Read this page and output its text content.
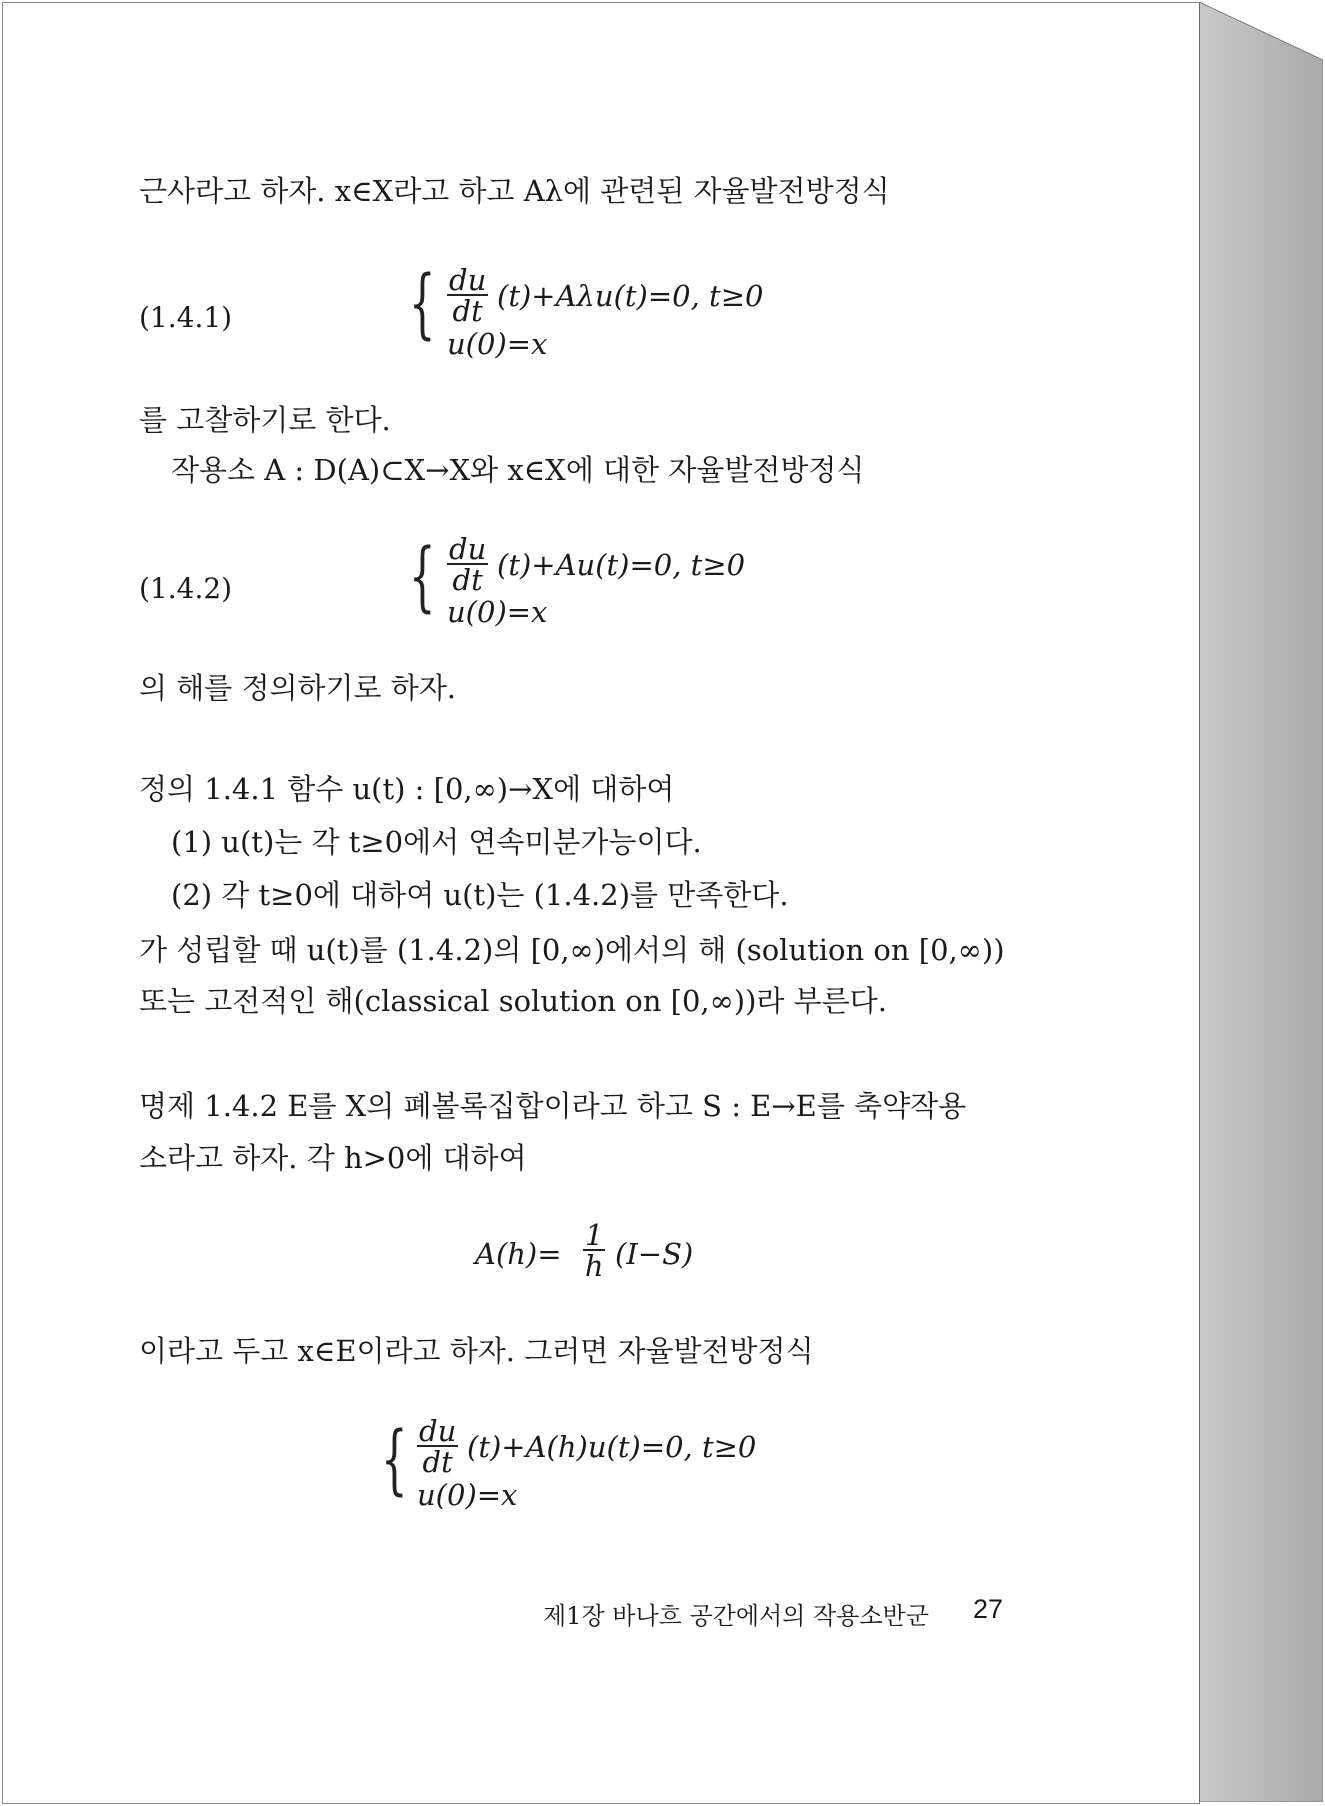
근사라고 하자. x∈X라고 하고 Aλ에 관련된 자율발전방정식
(1.4.1) { $\frac{du}{dt} (t)+A\lambda u(t)=0$, t≥0
u(0)=x
를 고찰하기로 한다.
작용소 A : D(A)⊂X→X와 x∈X에 대한 자율발전방정식
(1.4.2) { $\frac{du}{dt} (t)+Au(t)=0$, t≥0
u(0)=x
의 해를 정의하기로 하자.
정의 1.4.1 함수 u(t) : [0,∞)→X에 대하여
(1) u(t)는 각 t≥0에서 연속미분가능이다.
(2) 각 t≥0에 대하여 u(t)는 (1.4.2)를 만족한다.
가 성립할 때 u(t)를 (1.4.2)의 [0,∞)에서의 해 (solution on [0,∞))
또는 고전적인 해(classical solution on [0,∞))라 부른다.
명제 1.4.2 E를 X의 폐볼록집합이라고 하고 S : E→E를 축약작용
소라고 하자. 각 h>0에 대하여
$A(h)= \frac{1}{h} (I-S)$
이라고 두고 x∈E이라고 하자. 그러면 자율발전방정식
{ $\frac{du}{dt} (t)+A(h)u(t)=0$, t≥0
u(0)=x
제1장 바나흐 공간에서의 작용소반군 27
